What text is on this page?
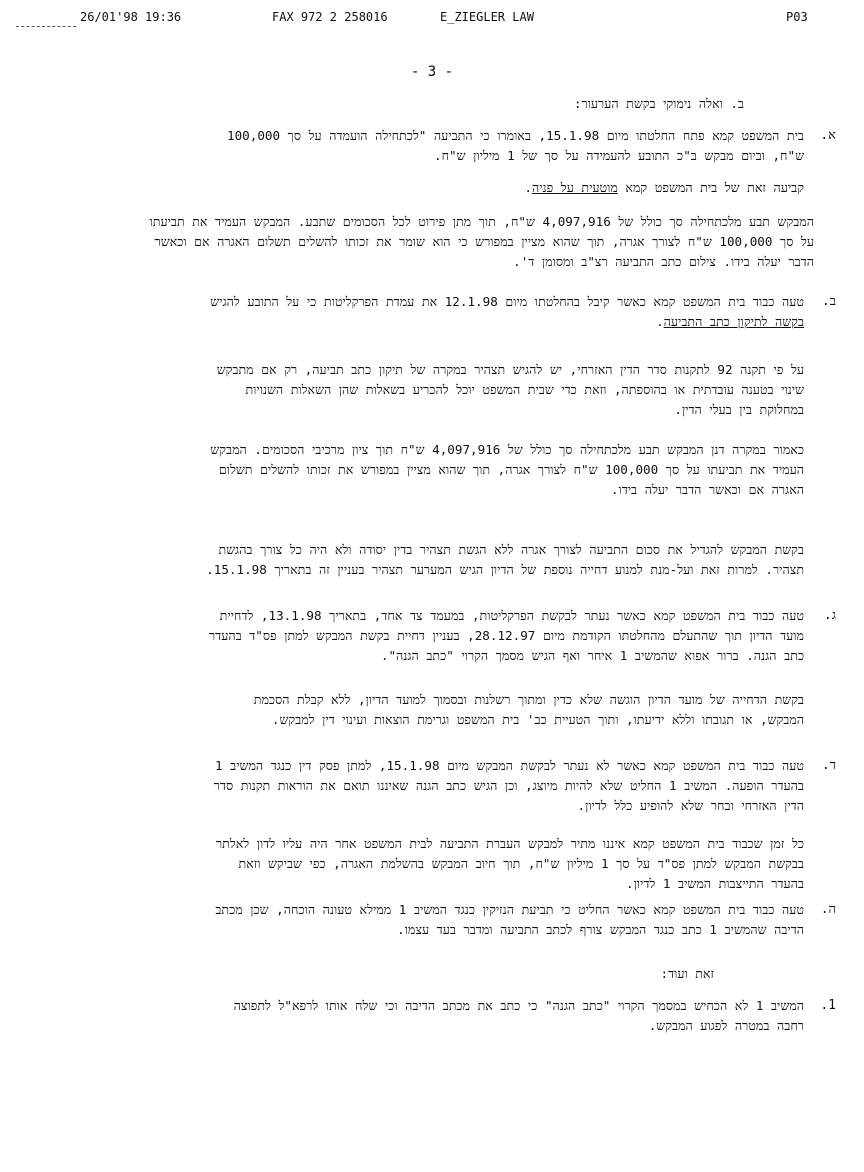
26/01'98 19:36	FAX 972 2 258016	E_ZIEGLER LAW	P03
- 3 -
ב. ואלה נימוקי בקשת הערעור:
א.
בית המשפט קמא פתח החלטתו מיום 15.1.98, באומרו כי התביעה "לכתחילה הועמדה על סך 100,000 ש"ח, וביום מבקש ב"כ התובע להעמידה על סך של 1 מיליון ש"ח.
קביעה זאת של בית המשפט קמא מוטעית על פניה.
המבקש תבע מלכתחילה סך כולל של 4,097,916 ש"ח, תוך מתן פירוט לכל הסכומים שתבע. המבקש העמיד את תביעתו על סך 100,000 ש"ח לצורך אגרה, תוך שהוא מציין במפורש כי הוא שומר את זכותו להשלים תשלום האגרה אם וכאשר הדבר יעלה בידו. צילום כתב התביעה רצ"ב ומסומן ד'.
ב.
טעה כבוד בית המשפט קמא כאשר קיבל בהחלטתו מיום 12.1.98 את עמדת הפרקליטות כי על התובע להגיש בקשה לתיקון כתב התביעה.
על פי תקנה 92 לתקנות סדר הדין האזרחי, יש להגיש תצהיר במקרה של תיקון כתב תביעה, רק אם מתבקש שינוי בטענה עובדתית או בהוספתה, וזאת כדי שבית המשפט יוכל להכריע בשאלות שהן השאלות השנויות במחלוקת בין בעלי הדין.
כאמור במקרה דנן המבקש תבע מלכתחילה סך כולל של 4,097,916 ש"ח תוך ציון מרכיבי הסכומים. המבקש העמיד את תביעתו על סך 100,000 ש"ח לצורך אגרה, תוך שהוא מציין במפורש את זכותו להשלים תשלום האגרה אם וכאשר הדבר יעלה בידו.
בקשת המבקש להגדיל את סכום התביעה לצורך אגרה ללא הגשת תצהיר בדין יסודה ולא היה כל צורך בהגשת תצהיר. למרות זאת ועל-מנת למנוע דחייה נוספת של הדיון הגיש המערער תצהיר בעניין זה בתאריך 15.1.98.
ג.
טעה כבוד בית המשפט קמא כאשר נעתר לבקשת הפרקליטות, במעמד צד אחד, בתאריך 13.1.98, לדחיית מועד הדיון תוך שהתעלם מהחלטתו הקודמת מיום 28.12.97, בעניין דחיית בקשת המבקש למתן פס"ד בהעדר כתב הגנה. ברור אפוא שהמשיב 1 איחר ואף הגיש מסמך הקרוי "כתב הגנה".
בקשת הדחייה של מועד הדיון הוגשה שלא כדין ומתוך רשלנות ובסמוך למועד הדיון, ללא קבלת הסכמת המבקש, או תגובתו וללא ידיעתו, ותוך הטעיית כב' בית המשפט וגרימת הוצאות ועינוי דין למבקש.
ד.
טעה כבוד בית המשפט קמא כאשר לא נעתר לבקשת המבקש מיום 15.1.98, למתן פסק דין כנגד המשיב 1 בהעדר הופעה. המשיב 1 החליט שלא להיות מיוצג, וכן הגיש כתב הגנה שאיננו תואם את הוראות תקנות סדר הדין האזרחי ובחר שלא להופיע כלל לדיון.
כל זמן שכבוד בית המשפט קמא איננו מתיר למבקש העברת התביעה לבית המשפט אחר היה עליו לדון לאלתר בבקשת המבקש למתן פס"ד על סך 1 מיליון ש"ח, תוך חיוב המבקש בהשלמת האגרה, כפי שביקש וזאת בהעדר התייצבות המשיב 1 לדיון.
ה.
טעה כבוד בית המשפט קמא כאשר החליט כי תביעת הנזיקין כנגד המשיב 1 ממילא טעונה הוכחה, שכן מכתב הדיבה שהמשיב 1 כתב כנגד המבקש צורף לכתב התביעה ומדבר בעד עצמו.
זאת ועוד:
1.
המשיב 1 לא הכחיש במסמך הקרוי "כתב הגנה" כי כתב את מכתב הדיבה וכי שלח אותו לרפא"ל לתפוצה רחבה במטרה לפגוע המבקש.
